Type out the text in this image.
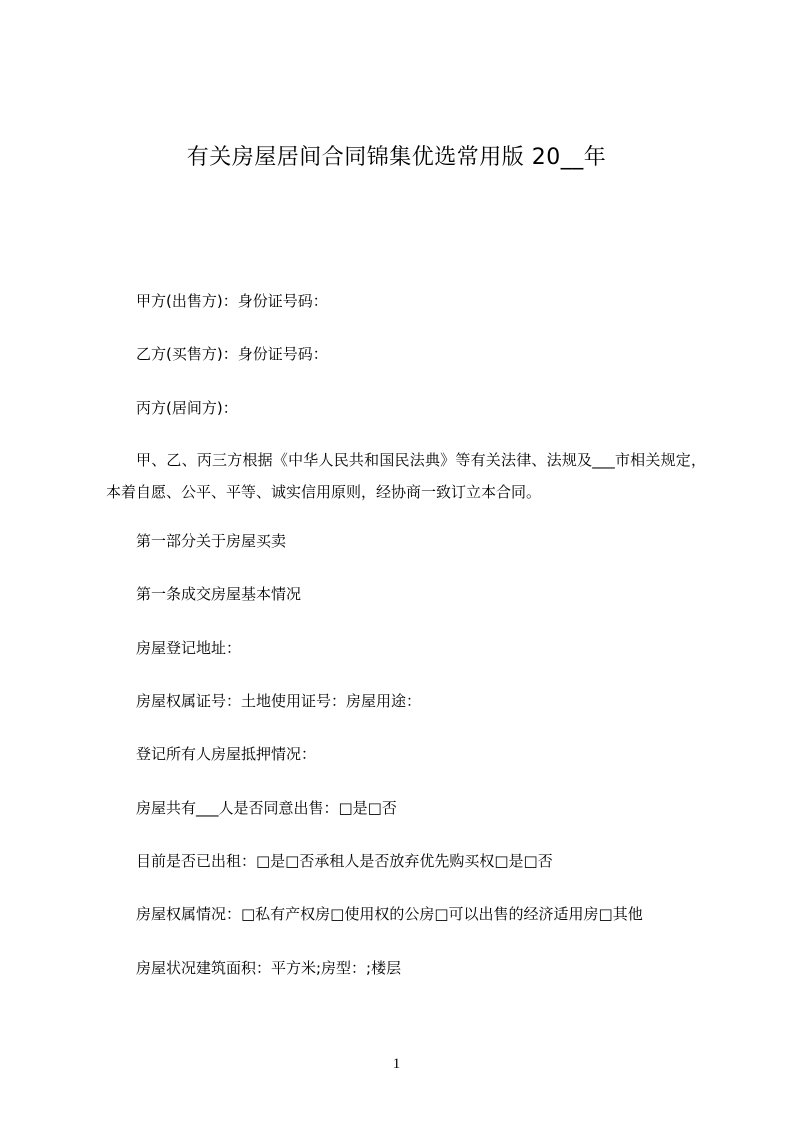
有关房屋居间合同锦集优选常用版 20__年
甲方(出售方)：身份证号码：
乙方(买售方)：身份证号码：
丙方(居间方)：
甲、乙、丙三方根据《中华人民共和国民法典》等有关法律、法规及___市相关规定，本着自愿、公平、平等、诚实信用原则，经协商一致订立本合同。
第一部分关于房屋买卖
第一条成交房屋基本情况
房屋登记地址：
房屋权属证号：土地使用证号：房屋用途：
登记所有人房屋抵押情况：
房屋共有___人是否同意出售：□是□否
目前是否已出租：□是□否承租人是否放弃优先购买权□是□否
房屋权属情况：□私有产权房□使用权的公房□可以出售的经济适用房□其他
房屋状况建筑面积：平方米;房型：;楼层
1
